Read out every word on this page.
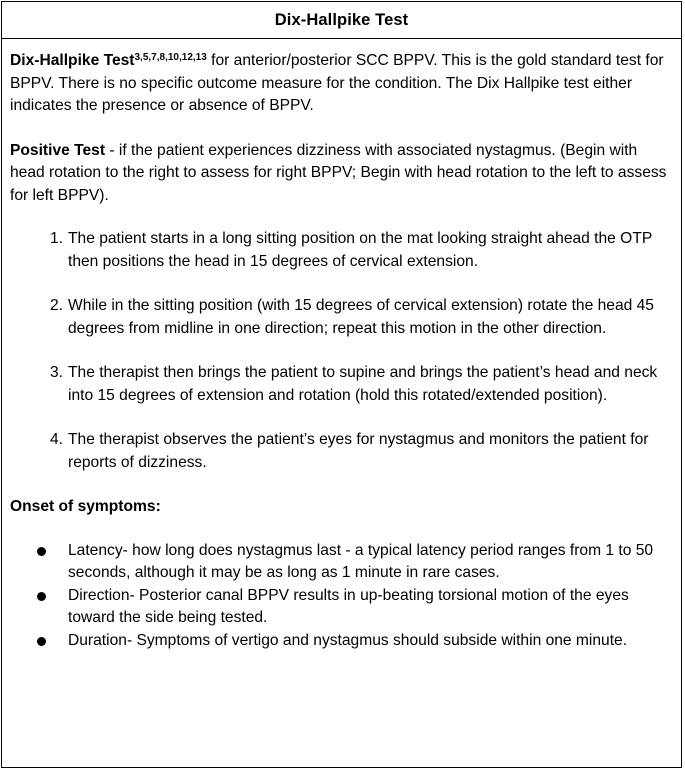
Dix-Hallpike Test

Dix-Hallpike Test$^{3,5,7,8,10,12,13}$ for anterior/posterior SCC BPPV. This is the gold standard test for BPPV. There is no specific outcome measure for the condition. The Dix Hallpike test either indicates the presence or absence of BPPV.

Positive Test - if the patient experiences dizziness with associated nystagmus. (Begin with head rotation to the right to assess for right BPPV; Begin with head rotation to the left to assess for left BPPV).

1. The patient starts in a long sitting position on the mat looking straight ahead the OTP then positions the head in 15 degrees of cervical extension.
2. While in the sitting position (with 15 degrees of cervical extension) rotate the head 45 degrees from midline in one direction; repeat this motion in the other direction.
3. The therapist then brings the patient to supine and brings the patient’s head and neck into 15 degrees of extension and rotation (hold this rotated/extended position).
4. The therapist observes the patient’s eyes for nystagmus and monitors the patient for reports of dizziness.

Onset of symptoms:

Latency- how long does nystagmus last - a typical latency period ranges from 1 to 50 seconds, although it may be as long as 1 minute in rare cases.
Direction- Posterior canal BPPV results in up-beating torsional motion of the eyes toward the side being tested.
Duration- Symptoms of vertigo and nystagmus should subside within one minute.
